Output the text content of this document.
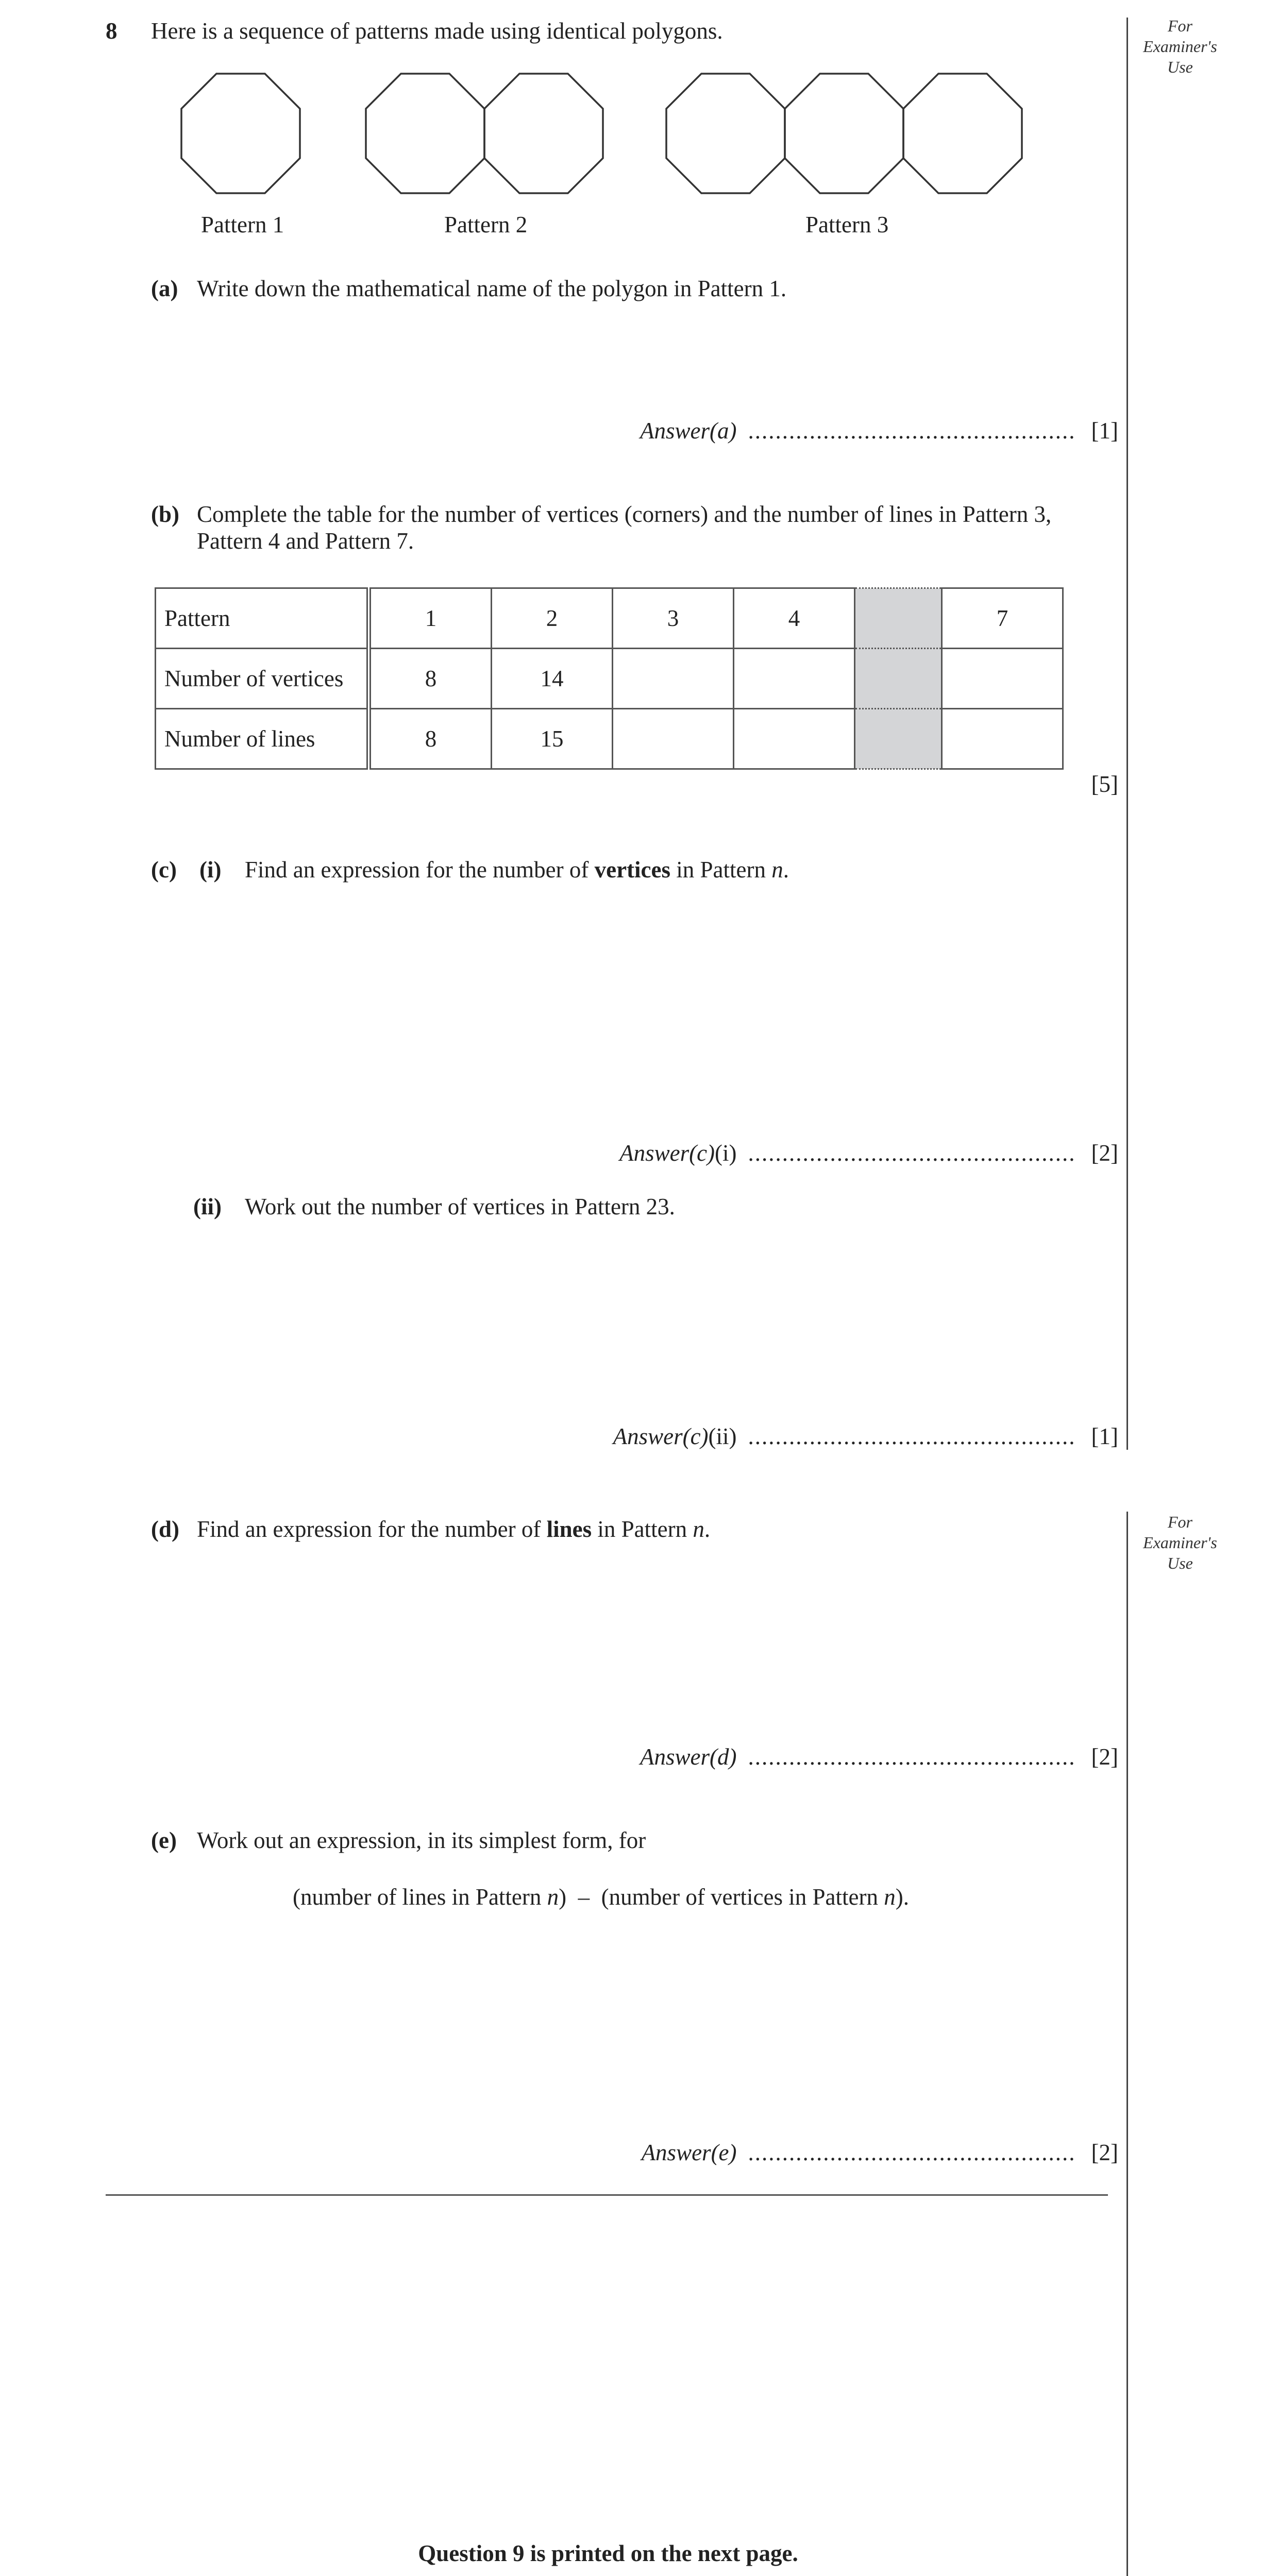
For
Examiner's
Use
For
Examiner's
Use
8 Here is a sequence of patterns made using identical polygons.
Pattern 1	Pattern 2	Pattern 3
(a) Write down the mathematical name of the polygon in Pattern 1.
Answer(a) ................................................ [1]
(b) Complete the table for the number of vertices (corners) and the number of lines in Pattern 3,
Pattern 4 and Pattern 7.
Pattern	1	2	3	4		7
Number of vertices	8	14				
Number of lines	8	15				
[5]
(c) (i) Find an expression for the number of vertices in Pattern n.
Answer(c)(i) ................................................ [2]
(ii) Work out the number of vertices in Pattern 23.
Answer(c)(ii) ................................................ [1]
(d) Find an expression for the number of lines in Pattern n.
Answer(d) ................................................ [2]
(e) Work out an expression, in its simplest form, for
(number of lines in Pattern n)  –  (number of vertices in Pattern n).
Answer(e) ................................................ [2]
Question 9 is printed on the next page.
